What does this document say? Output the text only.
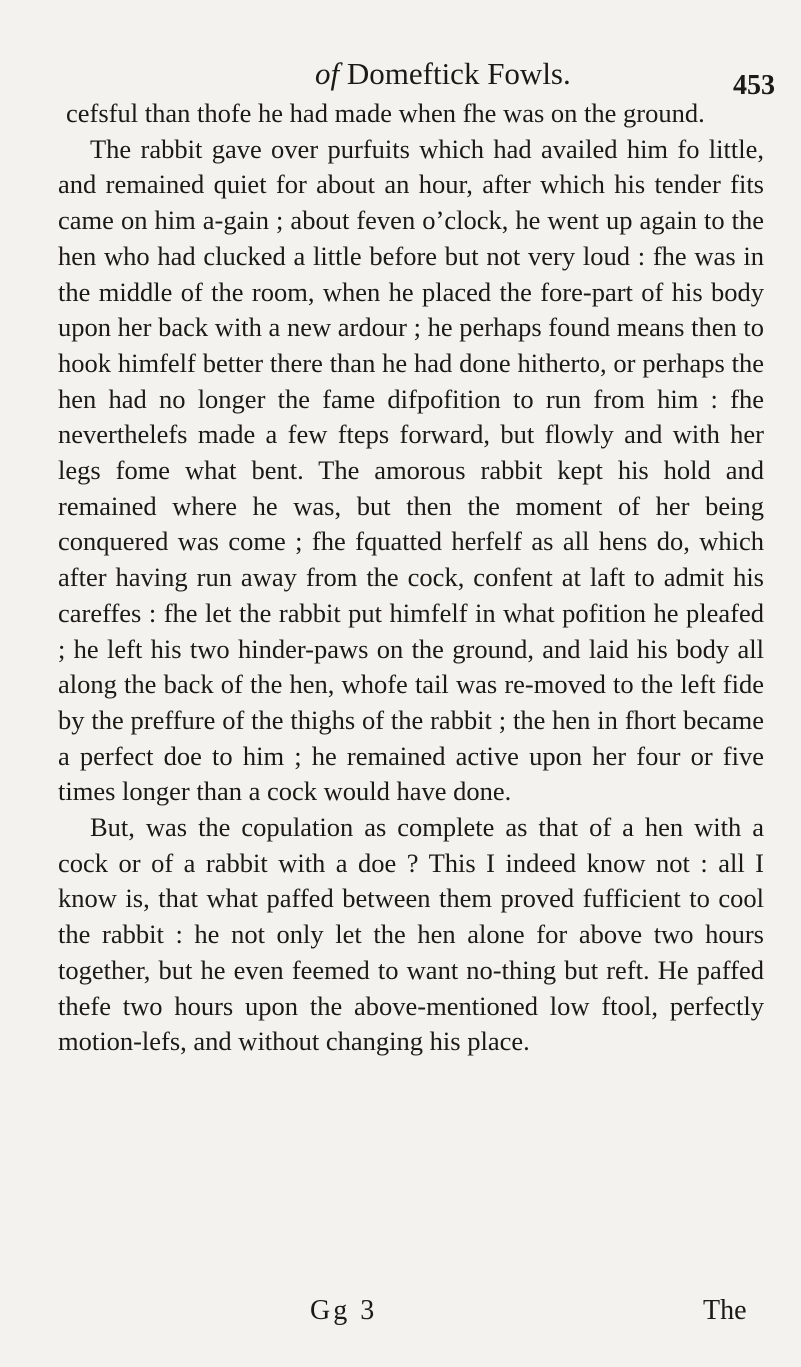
of Domeftick Fowls.	453

cefsful than thofe he had made when fhe was on the ground.

The rabbit gave over purfuits which had availed him fo little, and remained quiet for about an hour, after which his tender fits came on him a-gain ; about feven o’clock, he went up again to the hen who had clucked a little before but not very loud : fhe was in the middle of the room, when he placed the fore-part of his body upon her back with a new ardour ; he perhaps found means then to hook himfelf better there than he had done hitherto, or perhaps the hen had no longer the fame difpofition to run from him : fhe neverthelefs made a few fteps forward, but flowly and with her legs fome what bent. The amorous rabbit kept his hold and remained where he was, but then the moment of her being conquered was come ; fhe fquatted herfelf as all hens do, which after having run away from the cock, confent at laft to admit his careffes : fhe let the rabbit put himfelf in what pofition he pleafed ; he left his two hinder-paws on the ground, and laid his body all along the back of the hen, whofe tail was re-moved to the left fide by the preffure of the thighs of the rabbit ; the hen in fhort became a perfect doe to him ; he remained active upon her four or five times longer than a cock would have done.

But, was the copulation as complete as that of a hen with a cock or of a rabbit with a doe ? This I indeed know not : all I know is, that what paffed between them proved fufficient to cool the rabbit : he not only let the hen alone for above two hours together, but he even feemed to want no-thing but reft. He paffed thefe two hours upon the above-mentioned low ftool, perfectly motion-lefs, and without changing his place.

Gg 3	The
